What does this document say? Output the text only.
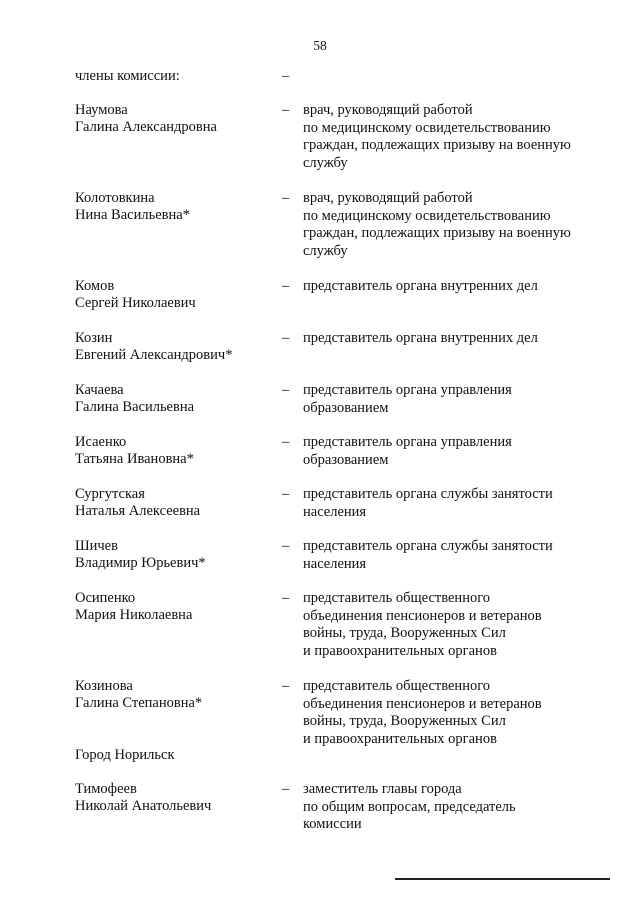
58
члены комиссии:	–
Наумова
Галина Александровна
– врач, руководящий работой
по медицинскому освидетельствованию
граждан, подлежащих призыву на военную
службу
Колотовкина
Нина Васильевна*
– врач, руководящий работой
по медицинскому освидетельствованию
граждан, подлежащих призыву на военную
службу
Комов
Сергей Николаевич
– представитель органа внутренних дел
Козин
Евгений Александрович*
– представитель органа внутренних дел
Качаева
Галина Васильевна
– представитель органа управления
образованием
Исаенко
Татьяна Ивановна*
– представитель органа управления
образованием
Сургутская
Наталья Алексеевна
– представитель органа службы занятости
населения
Шичев
Владимир Юрьевич*
– представитель органа службы занятости
населения
Осипенко
Мария Николаевна
– представитель общественного
объединения пенсионеров и ветеранов
войны, труда, Вооруженных Сил
и правоохранительных органов
Козинова
Галина Степановна*
– представитель общественного
объединения пенсионеров и ветеранов
войны, труда, Вооруженных Сил
и правоохранительных органов
Город Норильск
Тимофеев
Николай Анатольевич
– заместитель главы города
по общим вопросам, председатель
комиссии
